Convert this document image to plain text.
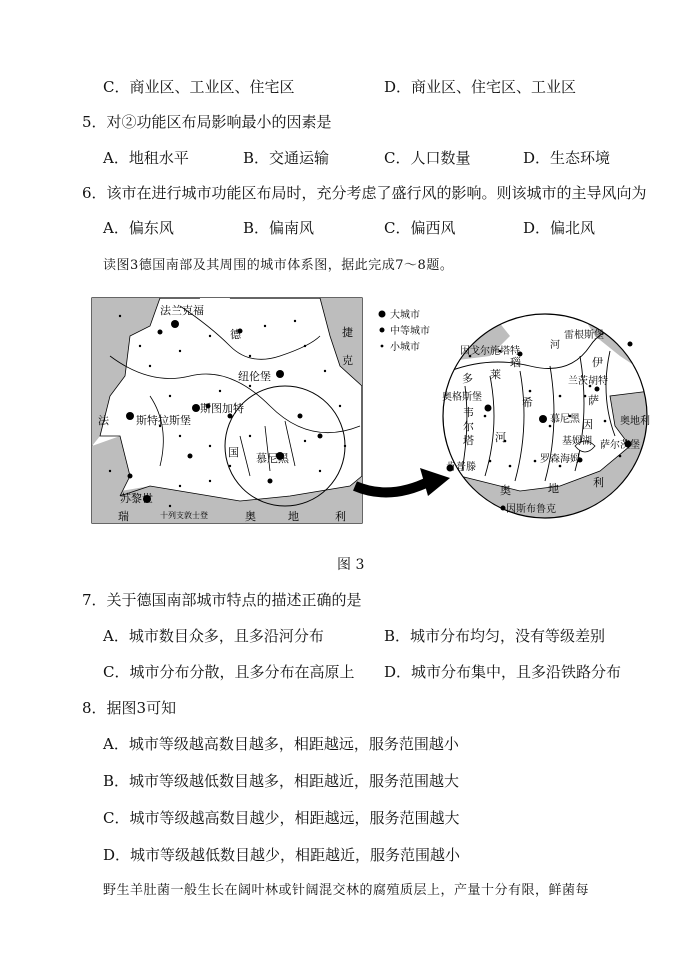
C．商业区、工业区、住宅区	D．商业区、住宅区、工业区
5．对②功能区布局影响最小的因素是
A．地租水平	B．交通运输	C．人口数量	D．生态环境
6．该市在进行城市功能区布局时，充分考虑了盛行风的影响。则该城市的主导风向为
A．偏东风	B．偏南风	C．偏西风	D．偏北风
读图3德国南部及其周围的城市体系图，据此完成7～8题。
法兰克福
德	捷
克
纽伦堡
斯图加特
斯特拉斯堡
法
国 慕尼黑
苏黎世
瑞	十列支敦士登	奥	地	利
大城市
中等城市
小城市
雷根斯堡
因戈尔施塔特
河
多 莱
瑙	伊
奥格斯堡
兰茨胡特
希	萨
韦
尔
慕尼黑
塔
因
河	基姆湖
奥地利
萨尔茨堡
罗森海姆
肯普滕
奥	地	利
因斯布鲁克
图 3
7．关于德国南部城市特点的描述正确的是
A．城市数目众多，且多沿河分布	B．城市分布均匀，没有等级差别
C．城市分布分散，且多分布在高原上 D．城市分布集中，且多沿铁路分布
8．据图3可知
A．城市等级越高数目越多，相距越远，服务范围越小
B．城市等级越低数目越多，相距越近，服务范围越大
C．城市等级越高数目越少，相距越远，服务范围越大
D．城市等级越低数目越少，相距越近，服务范围越小
野生羊肚菌一般生长在阔叶林或针阔混交林的腐殖质层上，产量十分有限，鲜菌每
